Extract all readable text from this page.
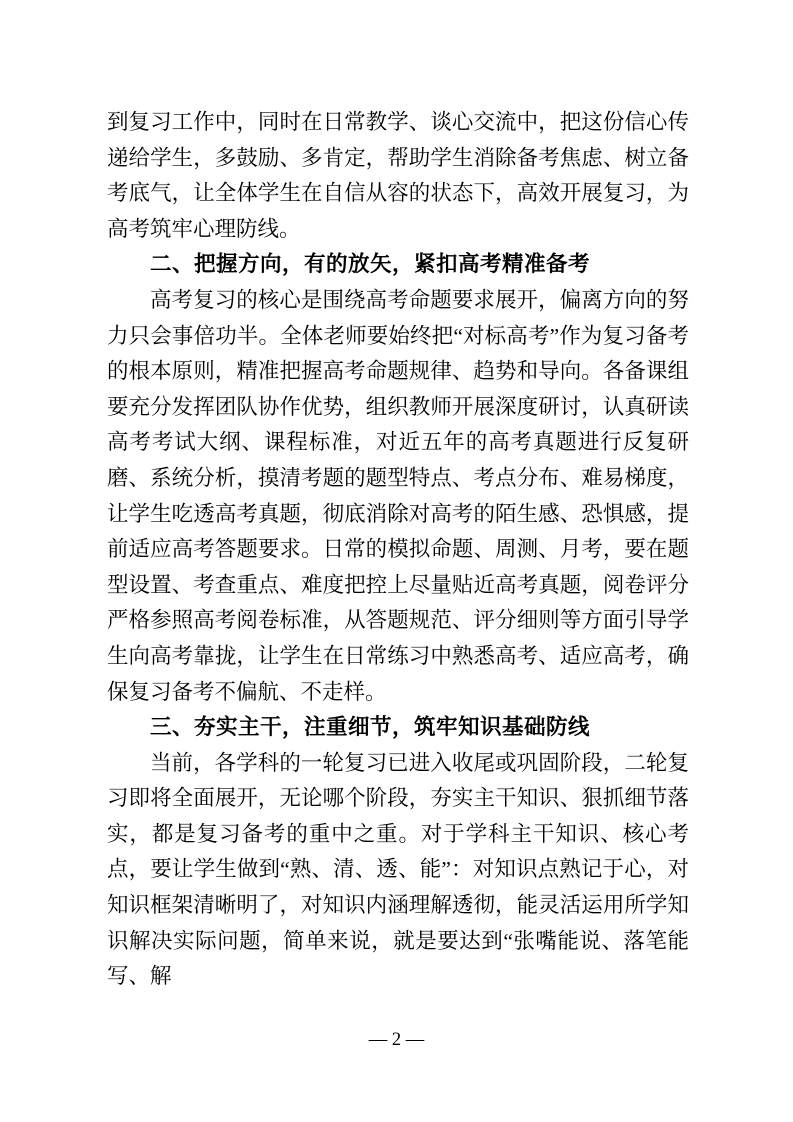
到复习工作中，同时在日常教学、谈心交流中，把这份信心传递给学生，多鼓励、多肯定，帮助学生消除备考焦虑、树立备考底气，让全体学生在自信从容的状态下，高效开展复习，为高考筑牢心理防线。

二、把握方向，有的放矢，紧扣高考精准备考

高考复习的核心是围绕高考命题要求展开，偏离方向的努力只会事倍功半。全体老师要始终把“对标高考”作为复习备考的根本原则，精准把握高考命题规律、趋势和导向。各备课组要充分发挥团队协作优势，组织教师开展深度研讨，认真研读高考考试大纲、课程标准，对近五年的高考真题进行反复研磨、系统分析，摸清考题的题型特点、考点分布、难易梯度，让学生吃透高考真题，彻底消除对高考的陌生感、恐惧感，提前适应高考答题要求。日常的模拟命题、周测、月考，要在题型设置、考查重点、难度把控上尽量贴近高考真题，阅卷评分严格参照高考阅卷标准，从答题规范、评分细则等方面引导学生向高考靠拢，让学生在日常练习中熟悉高考、适应高考，确保复习备考不偏航、不走样。

三、夯实主干，注重细节，筑牢知识基础防线

当前，各学科的一轮复习已进入收尾或巩固阶段，二轮复习即将全面展开，无论哪个阶段，夯实主干知识、狠抓细节落实，都是复习备考的重中之重。对于学科主干知识、核心考点，要让学生做到“熟、清、透、能”：对知识点熟记于心，对知识框架清晰明了，对知识内涵理解透彻，能灵活运用所学知识解决实际问题，简单来说，就是要达到“张嘴能说、落笔能写、解

— 2 —
